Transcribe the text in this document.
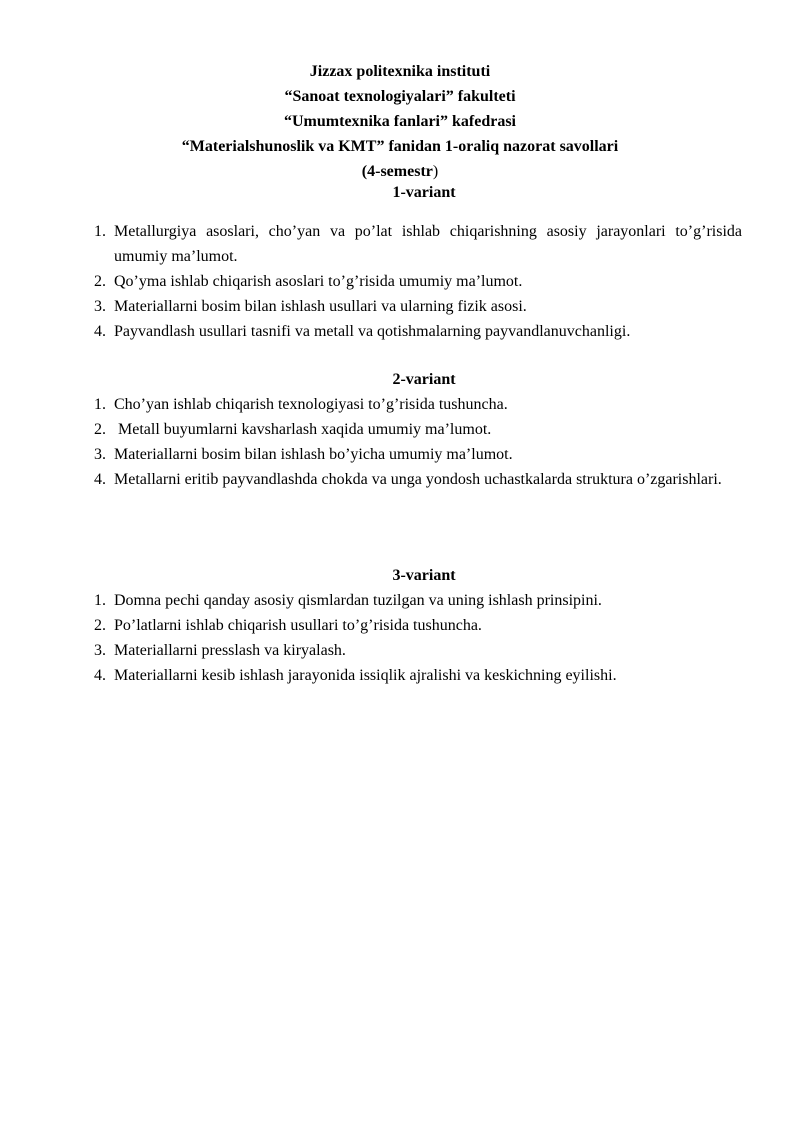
Jizzax politexnika instituti
“Sanoat texnologiyalari” fakulteti
“Umumtexnika fanlari” kafedrasi
“Materialshunoslik va KMT” fanidan 1-oraliq nazorat savollari
(4-semestr)
1-variant
1. Metallurgiya asoslari, cho’yan va po’lat ishlab chiqarishning asosiy jarayonlari to’g’risida umumiy ma’lumot.
2. Qo’yma ishlab chiqarish asoslari to’g’risida umumiy ma’lumot.
3. Materiallarni bosim bilan ishlash usullari va ularning fizik asosi.
4. Payvandlash usullari tasnifi va metall va qotishmalarning payvandlanuvchanligi.
2-variant
1. Cho’yan ishlab chiqarish texnologiyasi to’g’risida tushuncha.
2. Metall buyumlarni kavsharlash xaqida umumiy ma’lumot.
3. Materiallarni bosim bilan ishlash bo’yicha umumiy ma’lumot.
4. Metallarni eritib payvandlashda chokda va unga yondosh uchastkalarda struktura o’zgarishlari.
3-variant
1. Domna pechi qanday asosiy qismlardan tuzilgan va uning ishlash prinsipini.
2. Po’latlarni ishlab chiqarish usullari to’g’risida tushuncha.
3. Materiallarni presslash va kiryalash.
4. Materiallarni kesib ishlash jarayonida issiqlik ajralishi va keskichning eyilishi.
